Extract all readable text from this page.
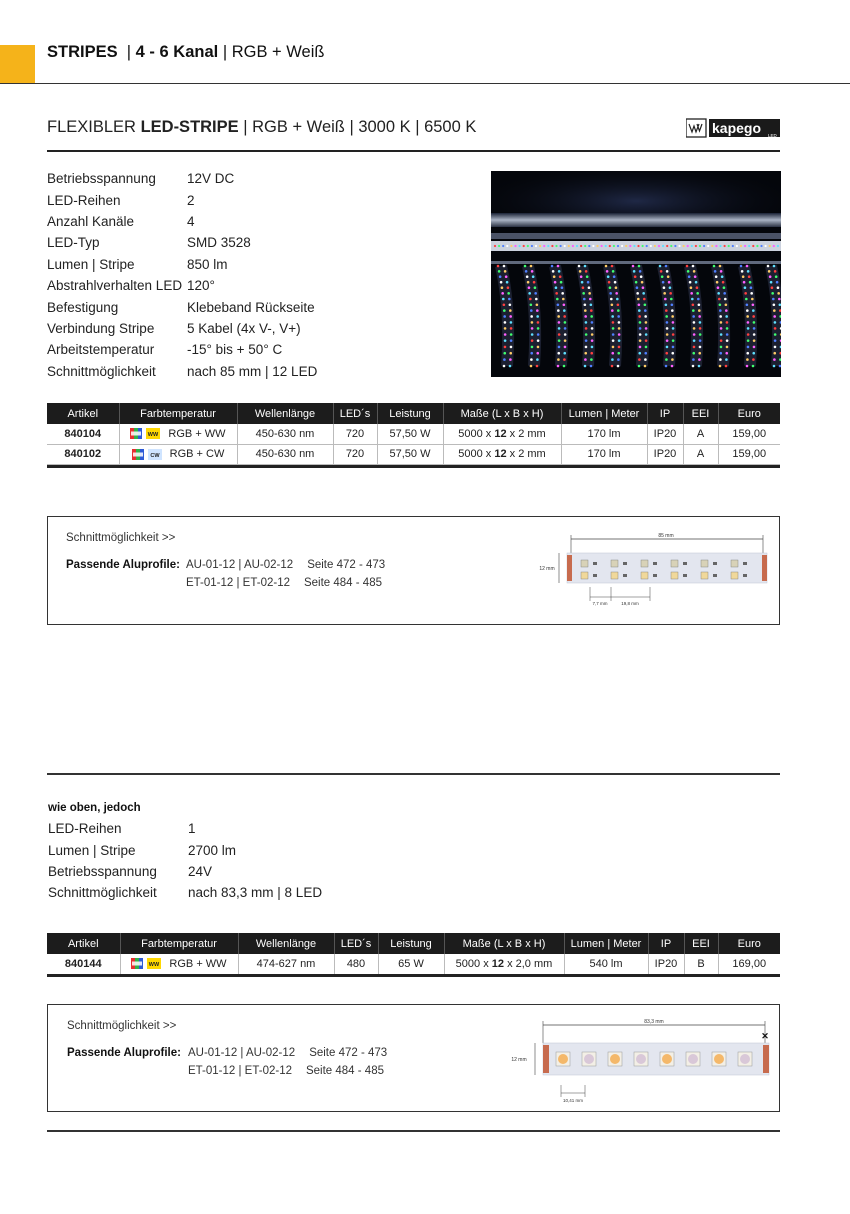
STRIPES | 4 - 6 Kanal | RGB + Weiß
FLEXIBLER LED-STRIPE | RGB + Weiß | 3000 K | 6500 K	kapego LED
Betriebsspannung	12V DC
LED-Reihen	2
Anzahl Kanäle	4
LED-Typ	SMD 3528
Lumen | Stripe	850 lm
Abstrahlverhalten LED 120°
Befestigung	Klebeband Rückseite
Verbindung Stripe	5 Kabel (4x V-, V+)
Arbeitstemperatur	-15° bis + 50° C
Schnittmöglichkeit	nach 85 mm | 12 LED
Artikel	Farbtemperatur	Wellenlänge	LED´s	Leistung	Maße (L x B x H)	Lumen | Meter	IP	EEI	Euro
840104	WW RGB + WW	450-630 nm	720	57,50 W	5000 x 12 x 2 mm	170 lm	IP20	A	159,00
840102	CW RGB + CW	450-630 nm	720	57,50 W	5000 x 12 x 2 mm	170 lm	IP20	A	159,00
Schnittmöglichkeit >>
Passende Aluprofile: AU-01-12 | AU-02-12 Seite 472 - 473
ET-01-12 | ET-02-12 Seite 484 - 485
85 mm
12 mm
7,7 mm	19,8 mm
wie oben, jedoch
LED-Reihen	1
Lumen | Stripe	2700 lm
Betriebsspannung	24V
Schnittmöglichkeit	nach 83,3 mm | 8 LED
Artikel	Farbtemperatur	Wellenlänge	LED´s	Leistung	Maße (L x B x H)	Lumen | Meter	IP	EEI	Euro
840144	WW RGB + WW	474-627 nm	480	65 W	5000 x 12 x 2,0 mm	540 lm	IP20	B	169,00
Schnittmöglichkeit >>
Passende Aluprofile: AU-01-12 | AU-02-12 Seite 472 - 473
ET-01-12 | ET-02-12 Seite 484 - 485
83,3 mm
✕
12 mm
10,41 mm
